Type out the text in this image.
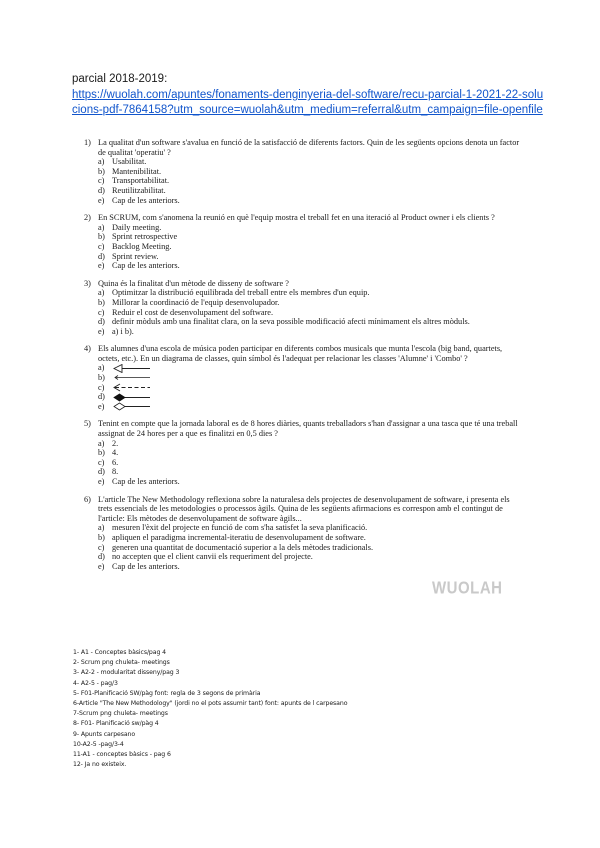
parcial 2018-2019:
https://wuolah.com/apuntes/fonaments-denginyeria-del-software/recu-parcial-1-2021-22-solu
cions-pdf-7864158?utm_source=wuolah&utm_medium=referral&utm_campaign=file-openfile
1) La qualitat d'un software s'avalua en funció de la satisfacció de diferents factors. Quin de les següents opcions denota un factor de qualitat 'operatiu' ?
a) Usabilitat.
b) Mantenibilitat.
c) Transportabilitat.
d) Reutilitzabilitat.
e) Cap de les anteriors.
2) En SCRUM, com s'anomena la reunió en què l'equip mostra el treball fet en una iteració al Product owner i els clients ?
a) Daily meeting.
b) Sprint retrospective
c) Backlog Meeting.
d) Sprint review.
e) Cap de les anteriors.
3) Quina és la finalitat d'un mètode de disseny de software ?
a) Optimitzar la distribució equilibrada del treball entre els membres d'un equip.
b) Millorar la coordinació de l'equip desenvolupador.
c) Reduir el cost de desenvolupament del software.
d) definir mòduls amb una finalitat clara, on la seva possible modificació afecti mínimament els altres mòduls.
e) a) i b).
4) Els alumnes d'una escola de música poden participar en diferents combos musicals que munta l'escola (big band, quartets, octets, etc.). En un diagrama de classes, quin símbol és l'adequat per relacionar les classes 'Alumne' i 'Combo' ?
a)
b)
c)
d)
e)
5) Tenint en compte que la jornada laboral es de 8 hores diàries, quants treballadors s'han d'assignar a una tasca que té una treball assignat de 24 hores per a que es finalitzi en 0,5 dies ?
a) 2.
b) 4.
c) 6.
d) 8.
e) Cap de les anteriors.
6) L'article The New Methodology reflexiona sobre la naturalesa dels projectes de desenvolupament de software, i presenta els trets essencials de les metodologies o processos àgils. Quina de les següents afirmacions es correspon amb el contingut de l'article: Els mètodes de desenvolupament de software àgils...
a) mesuren l'èxit del projecte en funció de com s'ha satisfet la seva planificació.
b) apliquen el paradigma incremental-iteratiu de desenvolupament de software.
c) generen una quantitat de documentació superior a la dels mètodes tradicionals.
d) no accepten que el client canvii els requeriment del projecte.
e) Cap de les anteriors.
WUOLAH
1- A1 - Conceptes bàsics/pag 4
2- Scrum png chuleta- meetings
3- A2-2 - modularitat disseny/pag 3
4- A2-5 - pag/3
5- F01-Planificació SW/pàg font: regla de 3 segons de primària
6-Article "The New Methodology" (jordi no el pots assumir tant) font: apunts de l carpesano
7-Scrum png chuleta- meetings
8- F01- Planificació sw/pàg 4
9- Apunts carpesano
10-A2-5 -pag/3-4
11-A1 - conceptes bàsics - pag 6
12- Ja no existeix.
